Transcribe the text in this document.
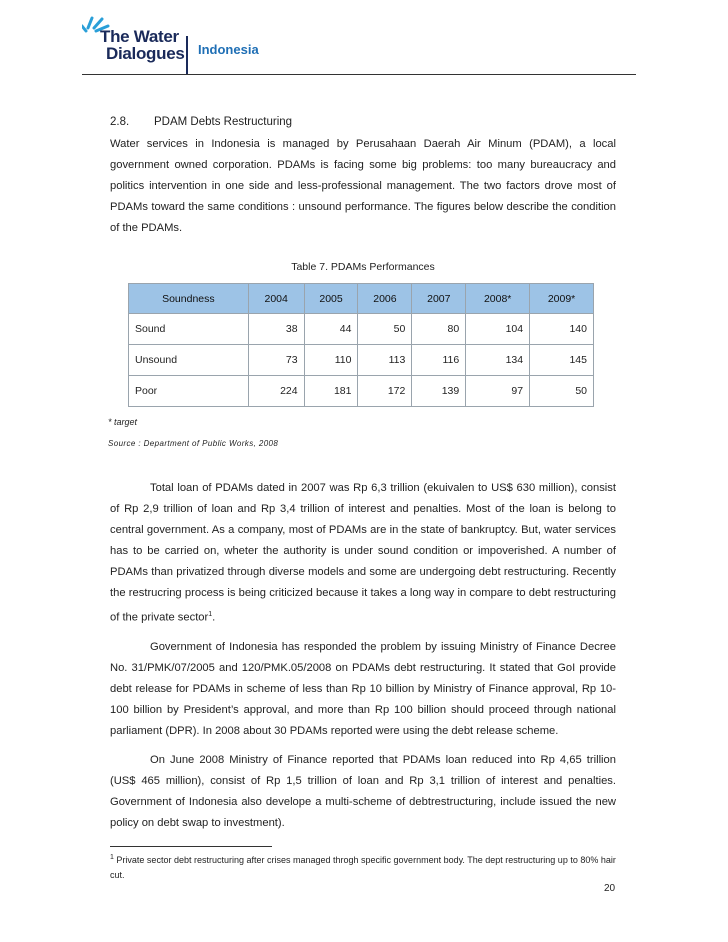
The Water
Dialogues Indonesia
2.8.	PDAM Debts Restructuring

Water services in Indonesia is managed by Perusahaan Daerah Air Minum (PDAM), a local government owned corporation. PDAMs is facing some big problems: too many bureaucracy and politics intervention in one side and less-professional management. The two factors drove most of PDAMs toward the same conditions : unsound performance. The figures below describe the condition of the PDAMs.

Table 7. PDAMs Performances
Soundness	2004	2005	2006	2007	2008*	2009*
Sound	38	44	50	80	104	140
Unsound	73	110	113	116	134	145
Poor	224	181	172	139	97	50
* target
Source : Department of Public Works, 2008

Total loan of PDAMs dated in 2007 was Rp 6,3 trillion (ekuivalen to US$ 630 million), consist of Rp 2,9 trillion of loan and Rp 3,4 trillion of interest and penalties. Most of the loan is belong to central government. As a company, most of PDAMs are in the state of bankruptcy. But, water services has to be carried on, wheter the authority is under sound condition or impoverished. A number of PDAMs than privatized through diverse models and some are undergoing debt restructuring. Recently the restrucring process is being criticized because it takes a long way in compare to debt restructuring of the private sector$^1$.

Government of Indonesia has responded the problem by issuing Ministry of Finance Decree No. 31/PMK/07/2005 and 120/PMK.05/2008 on PDAMs debt restructuring. It stated that GoI provide debt release for PDAMs in scheme of less than Rp 10 billion by Ministry of Finance approval, Rp 10-100 billion by President’s approval, and more than Rp 100 billion should proceed through national parliament (DPR). In 2008 about 30 PDAMs reported were using the debt release scheme.

On June 2008 Ministry of Finance reported that PDAMs loan reduced into Rp 4,65 trillion (US$ 465 million), consist of Rp 1,5 trillion of loan and Rp 3,1 trillion of interest and penalties. Government of Indonesia also develope a multi-scheme of debtrestructuring, include issued the new policy on debt swap to investment).

$^1$ Private sector debt restructuring after crises managed throgh specific government body. The dept restructuring up to 80% hair cut.

20
